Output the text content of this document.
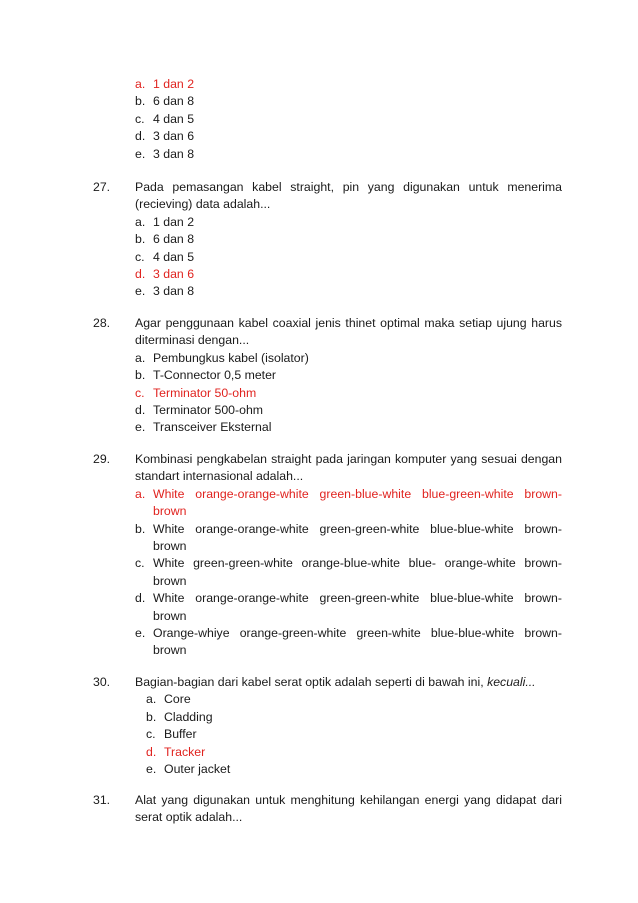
a. 1 dan 2
b. 6 dan 8
c. 4 dan 5
d. 3 dan 6
e. 3 dan 8
27. Pada pemasangan kabel straight, pin yang digunakan untuk menerima (recieving) data adalah...
a. 1 dan 2
b. 6 dan 8
c. 4 dan 5
d. 3 dan 6
e. 3 dan 8
28. Agar penggunaan kabel coaxial jenis thinet optimal maka setiap ujung harus diterminasi dengan...
a. Pembungkus kabel (isolator)
b. T-Connector 0,5 meter
c. Terminator 50-ohm
d. Terminator 500-ohm
e. Transceiver Eksternal
29. Kombinasi pengkabelan straight pada jaringan komputer yang sesuai dengan standart internasional adalah...
a. White orange-orange-white green-blue-white blue-green-white brown-brown
b. White orange-orange-white green-green-white blue-blue-white brown-brown
c. White green-green-white orange-blue-white blue- orange-white brown-brown
d. White orange-orange-white green-green-white blue-blue-white brown-brown
e. Orange-whiye orange-green-white green-white blue-blue-white brown-brown
30. Bagian-bagian dari kabel serat optik adalah seperti di bawah ini, kecuali...
a. Core
b. Cladding
c. Buffer
d. Tracker
e. Outer jacket
31. Alat yang digunakan untuk menghitung kehilangan energi yang didapat dari serat optik adalah...
